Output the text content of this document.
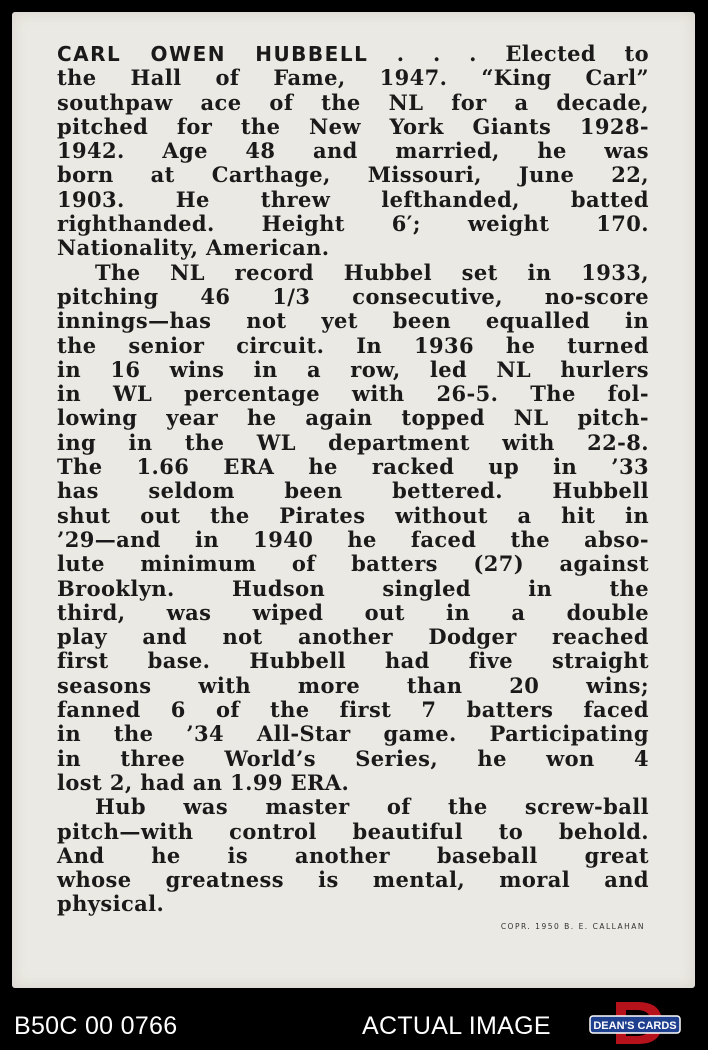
CARL OWEN HUBBELL . . . Elected to
the Hall of Fame, 1947. “King Carl”
southpaw ace of the NL for a decade,
pitched for the New York Giants 1928-
1942. Age 48 and married, he was
born at Carthage, Missouri, June 22,
1903. He threw lefthanded, batted
righthanded. Height 6′; weight 170.
Nationality, American.
The NL record Hubbel set in 1933,
pitching 46 1/3 consecutive, no-score
innings—has not yet been equalled in
the senior circuit. In 1936 he turned
in 16 wins in a row, led NL hurlers
in WL percentage with 26-5. The fol-
lowing year he again topped NL pitch-
ing in the WL department with 22-8.
The 1.66 ERA he racked up in ’33
has seldom been bettered. Hubbell
shut out the Pirates without a hit in
’29—and in 1940 he faced the abso-
lute minimum of batters (27) against
Brooklyn. Hudson singled in the
third, was wiped out in a double
play and not another Dodger reached
first base. Hubbell had five straight
seasons with more than 20 wins;
fanned 6 of the first 7 batters faced
in the ’34 All-Star game. Participating
in three World’s Series, he won 4
lost 2, had an 1.99 ERA.
Hub was master of the screw-ball
pitch—with control beautiful to behold.
And he is another baseball great
whose greatness is mental, moral and
physical.
COPR. 1950 B. E. CALLAHAN
B50C 00 0766	ACTUAL IMAGE	DEAN'S CARDS
